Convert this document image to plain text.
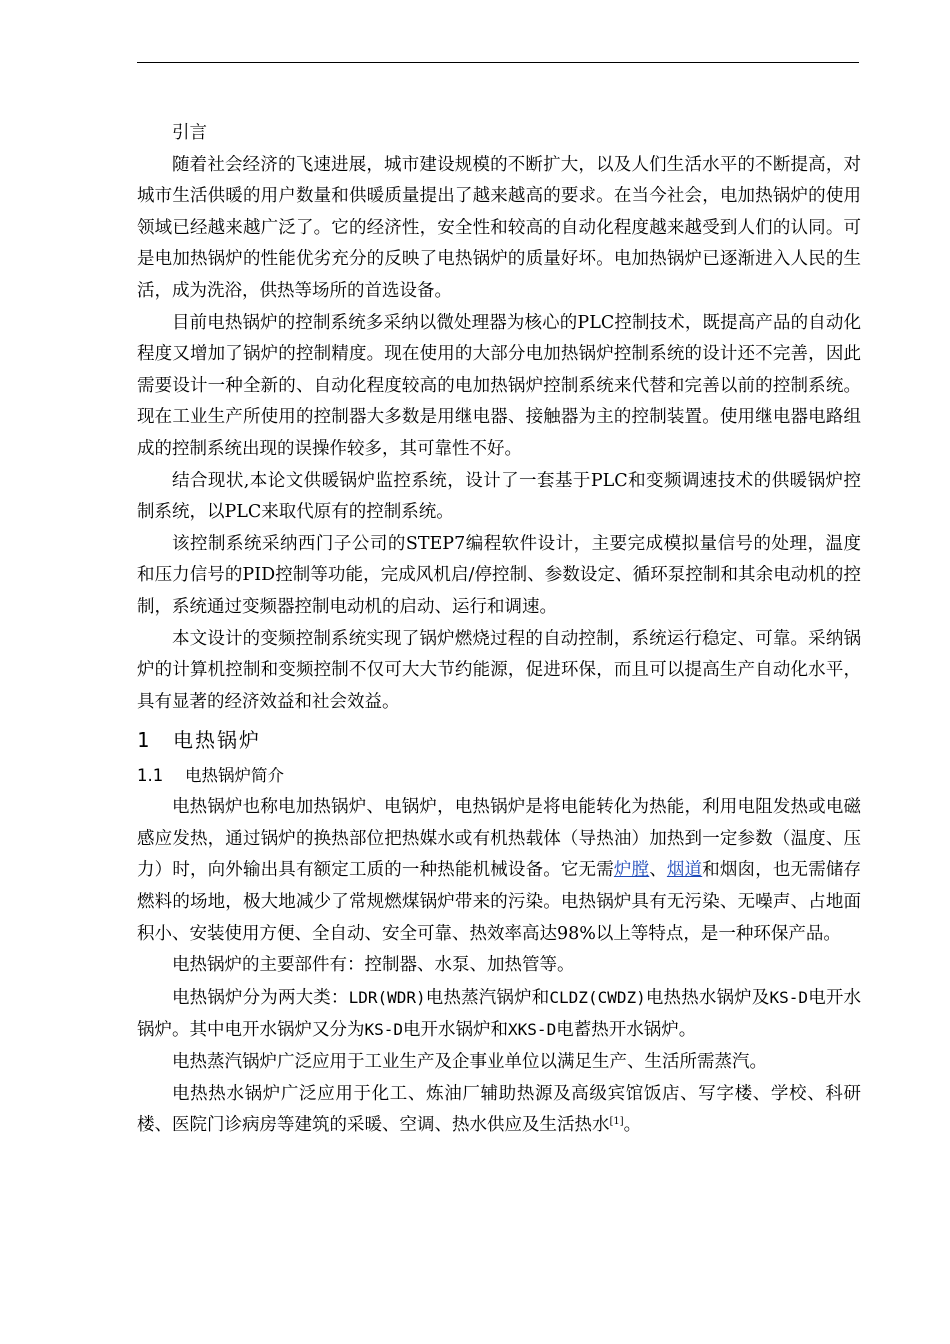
引言

随着社会经济的飞速进展，城市建设规模的不断扩大，以及人们生活水平的不断提高，对城市生活供暖的用户数量和供暖质量提出了越来越高的要求。在当今社会，电加热锅炉的使用领域已经越来越广泛了。它的经济性，安全性和较高的自动化程度越来越受到人们的认同。可是电加热锅炉的性能优劣充分的反映了电热锅炉的质量好坏。电加热锅炉已逐渐进入人民的生活，成为洗浴，供热等场所的首选设备。

目前电热锅炉的控制系统多采纳以微处理器为核心的PLC控制技术，既提高产品的自动化程度又增加了锅炉的控制精度。现在使用的大部分电加热锅炉控制系统的设计还不完善，因此需要设计一种全新的、自动化程度较高的电加热锅炉控制系统来代替和完善以前的控制系统。现在工业生产所使用的控制器大多数是用继电器、接触器为主的控制装置。使用继电器电路组成的控制系统出现的误操作较多，其可靠性不好。

结合现状,本论文供暖锅炉监控系统，设计了一套基于PLC和变频调速技术的供暖锅炉控制系统，以PLC来取代原有的控制系统。

该控制系统采纳西门子公司的STEP7编程软件设计，主要完成模拟量信号的处理，温度和压力信号的PID控制等功能，完成风机启/停控制、参数设定、循环泵控制和其余电动机的控制，系统通过变频器控制电动机的启动、运行和调速。

本文设计的变频控制系统实现了锅炉燃烧过程的自动控制，系统运行稳定、可靠。采纳锅炉的计算机控制和变频控制不仅可大大节约能源，促进环保，而且可以提高生产自动化水平，具有显著的经济效益和社会效益。

1 电热锅炉
1.1 电热锅炉简介

电热锅炉也称电加热锅炉、电锅炉，电热锅炉是将电能转化为热能，利用电阻发热或电磁感应发热，通过锅炉的换热部位把热媒水或有机热载体（导热油）加热到一定参数（温度、压力）时，向外输出具有额定工质的一种热能机械设备。它无需炉膛、烟道和烟囱，也无需储存燃料的场地，极大地减少了常规燃煤锅炉带来的污染。电热锅炉具有无污染、无噪声、占地面积小、安装使用方便、全自动、安全可靠、热效率高达98%以上等特点，是一种环保产品。

电热锅炉的主要部件有：控制器、水泵、加热管等。

电热锅炉分为两大类：LDR(WDR)电热蒸汽锅炉和CLDZ(CWDZ)电热热水锅炉及KS-D电开水锅炉。其中电开水锅炉又分为KS-D电开水锅炉和XKS-D电蓄热开水锅炉。

电热蒸汽锅炉广泛应用于工业生产及企事业单位以满足生产、生活所需蒸汽。

电热热水锅炉广泛应用于化工、炼油厂辅助热源及高级宾馆饭店、写字楼、学校、科研楼、医院门诊病房等建筑的采暖、空调、热水供应及生活热水[1]。
